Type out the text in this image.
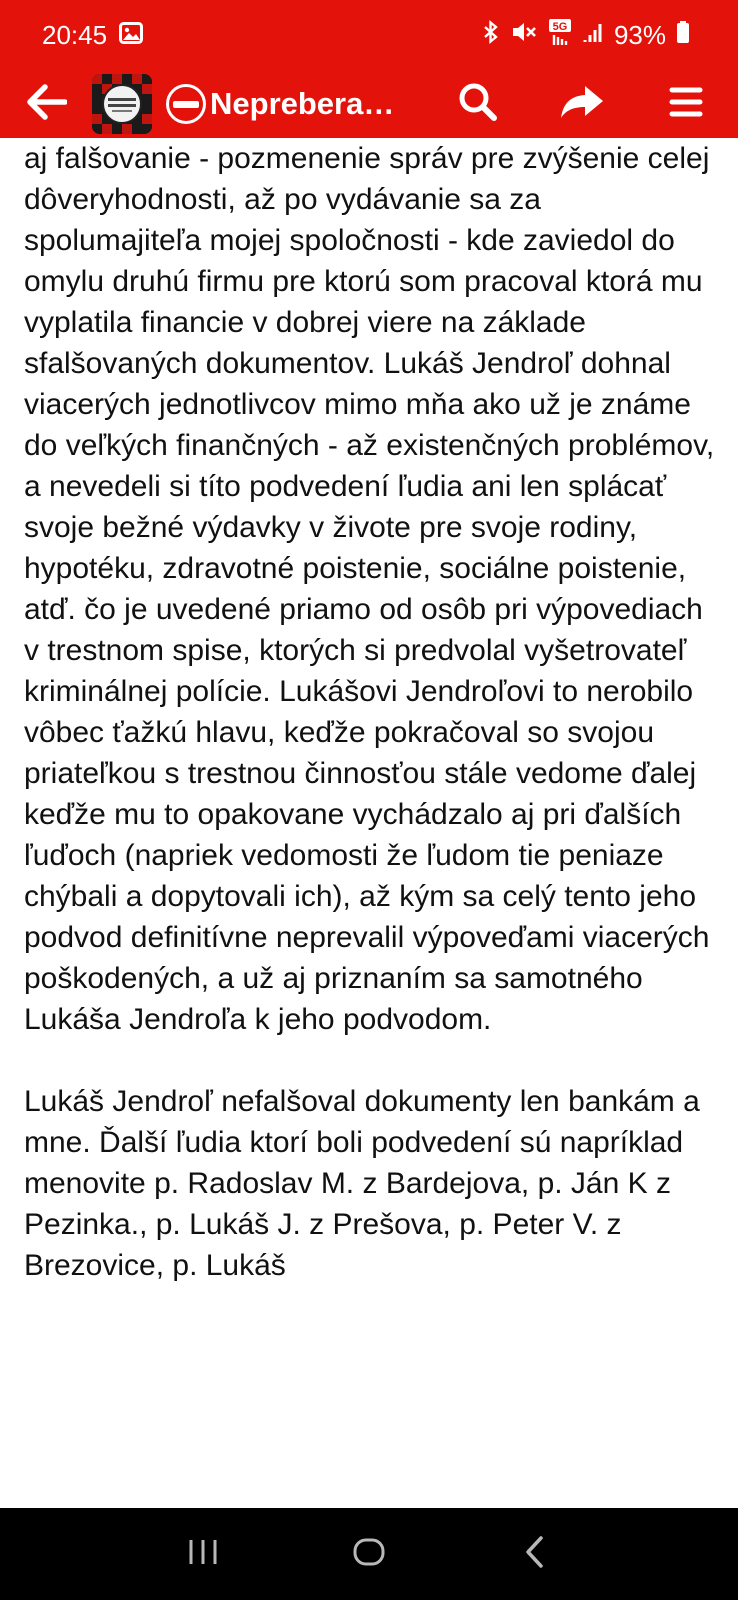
20:45	5G 93%
Neprebera…

aj falšovanie - pozmenenie správ pre zvýšenie celej dôveryhodnosti, až po vydávanie sa za spolumajiteľa mojej spoločnosti - kde zaviedol do omylu druhú firmu pre ktorú som pracoval ktorá mu vyplatila financie v dobrej viere na základe sfalšovaných dokumentov. Lukáš Jendroľ dohnal viacerých jednotlivcov mimo mňa ako už je známe do veľkých finančných - až existenčných problémov, a nevedeli si títo podvedení ľudia ani len splácať svoje bežné výdavky v živote pre svoje rodiny, hypotéku, zdravotné poistenie, sociálne poistenie, atď. čo je uvedené priamo od osôb pri výpovediach v trestnom spise, ktorých si predvolal vyšetrovateľ kriminálnej polície. Lukášovi Jendroľovi to nerobilo vôbec ťažkú hlavu, keďže pokračoval so svojou priateľkou s trestnou činnosťou stále vedome ďalej keďže mu to opakovane vychádzalo aj pri ďalších ľuďoch (napriek vedomosti že ľudom tie peniaze chýbali a dopytovali ich), až kým sa celý tento jeho podvod definitívne neprevalil výpoveďami viacerých poškodených, a už aj priznaním sa samotného Lukáša Jendroľa k jeho podvodom.

Lukáš Jendroľ nefalšoval dokumenty len bankám a mne. Ďalší ľudia ktorí boli podvedení sú napríklad menovite p. Radoslav M. z Bardejova, p. Ján K z Pezinka., p. Lukáš J. z Prešova, p. Peter V. z Brezovice, p. Lukáš
